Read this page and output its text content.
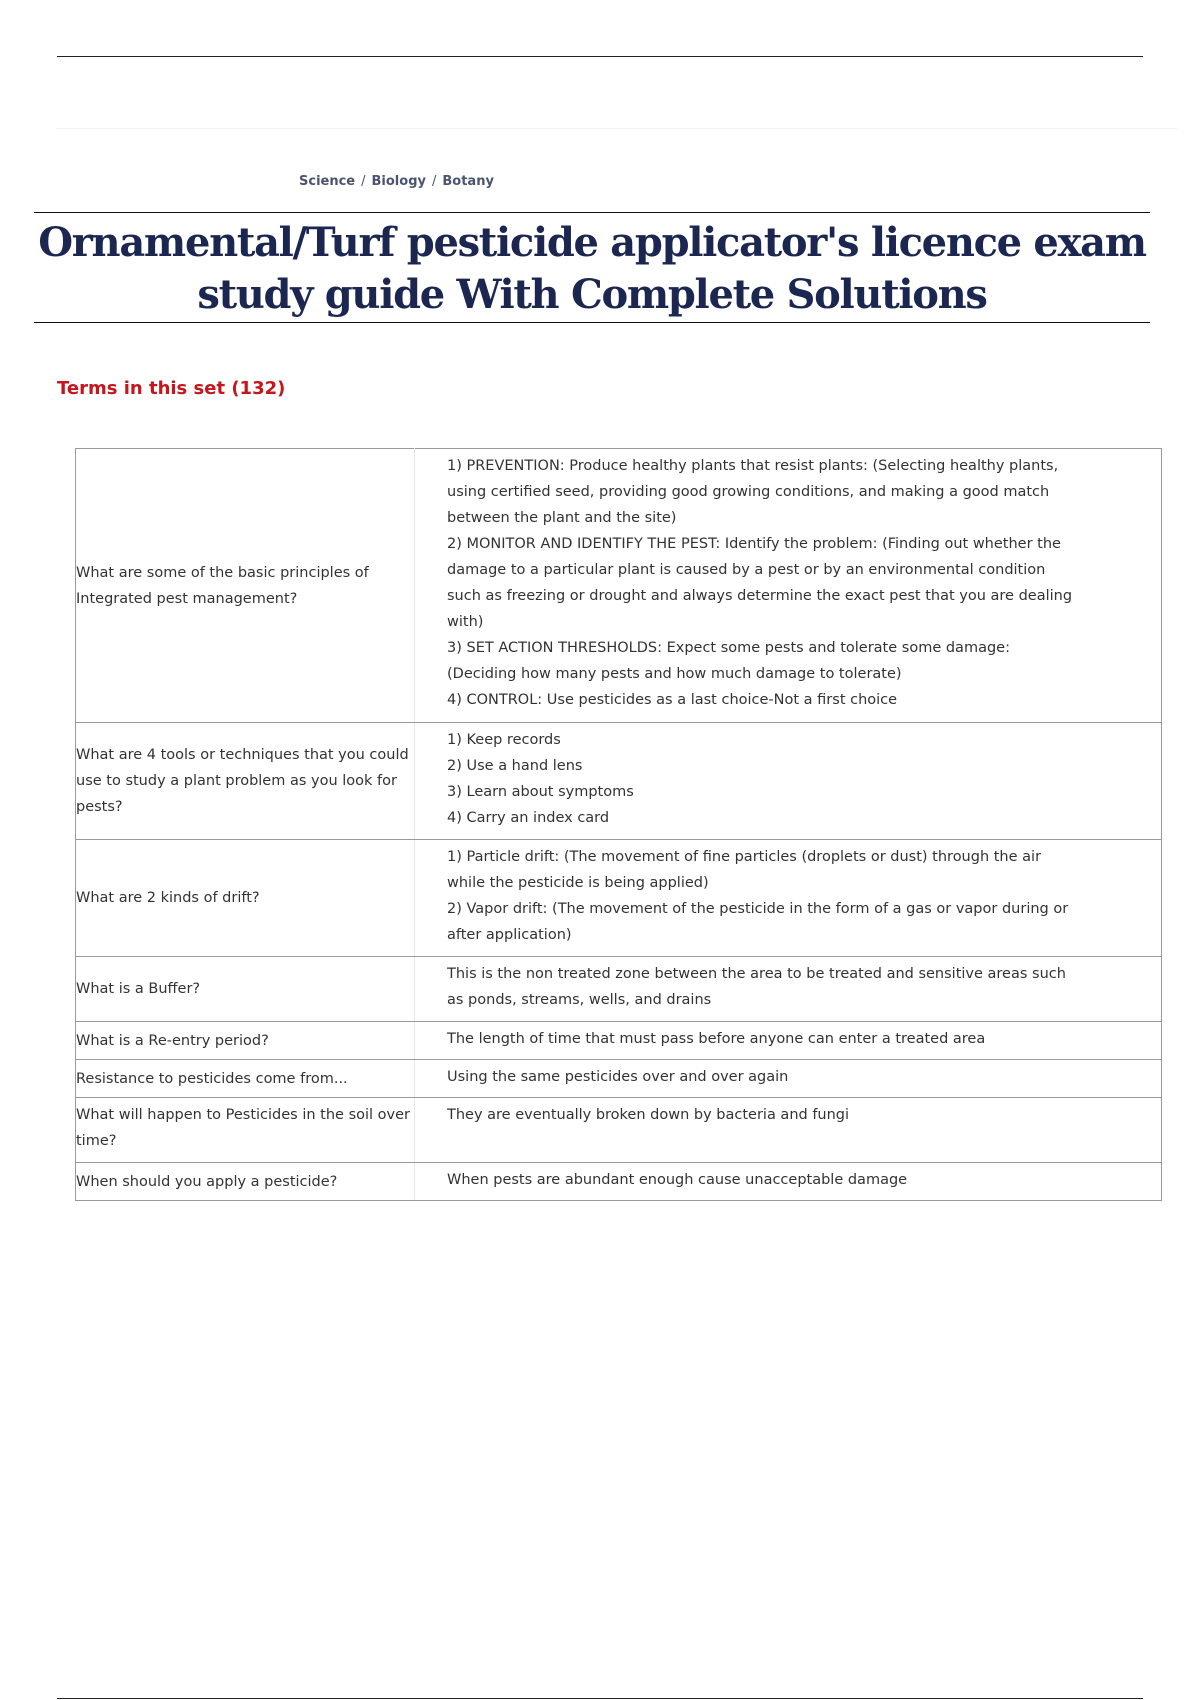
Science / Biology / Botany
Ornamental/Turf pesticide applicator's licence exam study guide With Complete Solutions
Terms in this set (132)
What are some of the basic principles of Integrated pest management?	1) PREVENTION: Produce healthy plants that resist plants: (Selecting healthy plants, using certified seed, providing good growing conditions, and making a good match between the plant and the site)
2) MONITOR AND IDENTIFY THE PEST: Identify the problem: (Finding out whether the damage to a particular plant is caused by a pest or by an environmental condition such as freezing or drought and always determine the exact pest that you are dealing with)
3) SET ACTION THRESHOLDS: Expect some pests and tolerate some damage: (Deciding how many pests and how much damage to tolerate)
4) CONTROL: Use pesticides as a last choice-Not a first choice

What are 4 tools or techniques that you could use to study a plant problem as you look for pests?	1) Keep records
2) Use a hand lens
3) Learn about symptoms
4) Carry an index card

What are 2 kinds of drift?	1) Particle drift: (The movement of fine particles (droplets or dust) through the air while the pesticide is being applied)
2) Vapor drift: (The movement of the pesticide in the form of a gas or vapor during or after application)

What is a Buffer?	This is the non treated zone between the area to be treated and sensitive areas such as ponds, streams, wells, and drains

What is a Re-entry period?	The length of time that must pass before anyone can enter a treated area

Resistance to pesticides come from...	Using the same pesticides over and over again

What will happen to Pesticides in the soil over time?	They are eventually broken down by bacteria and fungi

When should you apply a pesticide?	When pests are abundant enough cause unacceptable damage
